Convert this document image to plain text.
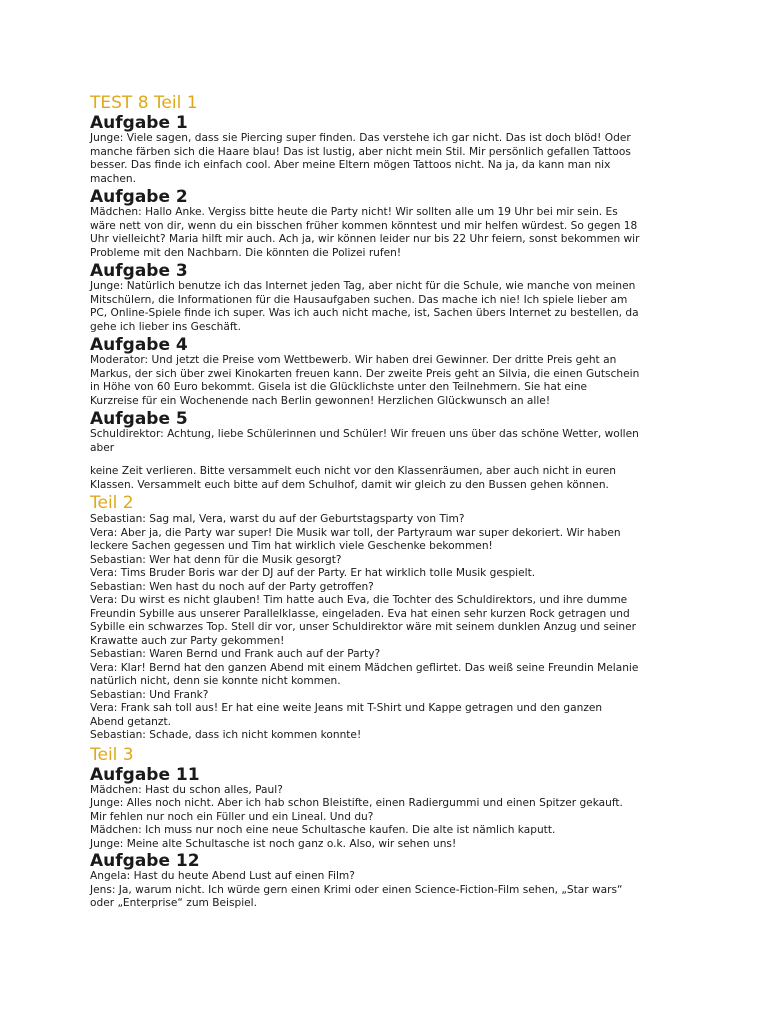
TEST 8 Teil 1
Aufgabe 1

Junge: Viele sagen, dass sie Piercing super finden. Das verstehe ich gar nicht. Das ist doch blöd! Oder
manche färben sich die Haare blau! Das ist lustig, aber nicht mein Stil. Mir persönlich gefallen Tattoos
besser. Das finde ich einfach cool. Aber meine Eltern mögen Tattoos nicht. Na ja, da kann man nix
machen.

Aufgabe 2

Mädchen: Hallo Anke. Vergiss bitte heute die Party nicht! Wir sollten alle um 19 Uhr bei mir sein. Es
wäre nett von dir, wenn du ein bisschen früher kommen könntest und mir helfen würdest. So gegen 18
Uhr vielleicht? Maria hilft mir auch. Ach ja, wir können leider nur bis 22 Uhr feiern, sonst bekommen wir
Probleme mit den Nachbarn. Die könnten die Polizei rufen!

Aufgabe 3

Junge: Natürlich benutze ich das Internet jeden Tag, aber nicht für die Schule, wie manche von meinen
Mitschülern, die Informationen für die Hausaufgaben suchen. Das mache ich nie! Ich spiele lieber am
PC, Online-Spiele finde ich super. Was ich auch nicht mache, ist, Sachen übers Internet zu bestellen, da
gehe ich lieber ins Geschäft.

Aufgabe 4

Moderator: Und jetzt die Preise vom Wettbewerb. Wir haben drei Gewinner. Der dritte Preis geht an
Markus, der sich über zwei Kinokarten freuen kann. Der zweite Preis geht an Silvia, die einen Gutschein
in Höhe von 60 Euro bekommt. Gisela ist die Glücklichste unter den Teilnehmern. Sie hat eine
Kurzreise für ein Wochenende nach Berlin gewonnen! Herzlichen Glückwunsch an alle!

Aufgabe 5

Schuldirektor: Achtung, liebe Schülerinnen und Schüler! Wir freuen uns über das schöne Wetter, wollen
aber

keine Zeit verlieren. Bitte versammelt euch nicht vor den Klassenräumen, aber auch nicht in euren
Klassen. Versammelt euch bitte auf dem Schulhof, damit wir gleich zu den Bussen gehen können.

Teil 2

Sebastian: Sag mal, Vera, warst du auf der Geburtstagsparty von Tim?

Vera: Aber ja, die Party war super! Die Musik war toll, der Partyraum war super dekoriert. Wir haben
leckere Sachen gegessen und Tim hat wirklich viele Geschenke bekommen!

Sebastian: Wer hat denn für die Musik gesorgt?

Vera: Tims Bruder Boris war der DJ auf der Party. Er hat wirklich tolle Musik gespielt.

Sebastian: Wen hast du noch auf der Party getroffen?

Vera: Du wirst es nicht glauben! Tim hatte auch Eva, die Tochter des Schuldirektors, und ihre dumme
Freundin Sybille aus unserer Parallelklasse, eingeladen. Eva hat einen sehr kurzen Rock getragen und
Sybille ein schwarzes Top. Stell dir vor, unser Schuldirektor wäre mit seinem dunklen Anzug und seiner
Krawatte auch zur Party gekommen!

Sebastian: Waren Bernd und Frank auch auf der Party?

Vera: Klar! Bernd hat den ganzen Abend mit einem Mädchen geflirtet. Das weiß seine Freundin Melanie
natürlich nicht, denn sie konnte nicht kommen.

Sebastian: Und Frank?

Vera: Frank sah toll aus! Er hat eine weite Jeans mit T-Shirt und Kappe getragen und den ganzen
Abend getanzt.

Sebastian: Schade, dass ich nicht kommen konnte!

Teil 3
Aufgabe 11

Mädchen: Hast du schon alles, Paul?

Junge: Alles noch nicht. Aber ich hab schon Bleistifte, einen Radiergummi und einen Spitzer gekauft.
Mir fehlen nur noch ein Füller und ein Lineal. Und du?

Mädchen: Ich muss nur noch eine neue Schultasche kaufen. Die alte ist nämlich kaputt.

Junge: Meine alte Schultasche ist noch ganz o.k. Also, wir sehen uns!

Aufgabe 12

Angela: Hast du heute Abend Lust auf einen Film?

Jens: Ja, warum nicht. Ich würde gern einen Krimi oder einen Science-Fiction-Film sehen, „Star wars“
oder „Enterprise“ zum Beispiel.
